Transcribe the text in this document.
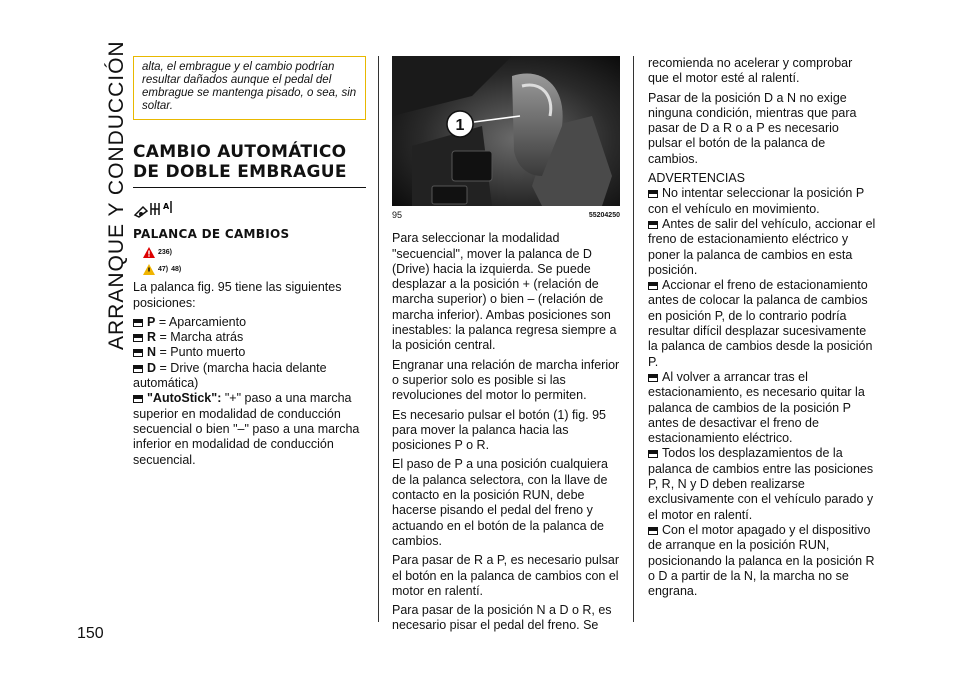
ARRANQUE Y CONDUCCIÓN
150
alta, el embrague y el cambio podrían resultar dañados aunque el pedal del embrague se mantenga pisado, o sea, sin soltar.
CAMBIO AUTOMÁTICO DE DOBLE EMBRAGUE
A
PALANCA DE CAMBIOS
236)
47) 48)

La palanca fig. 95 tiene las siguientes posiciones:

P = Aparcamiento
R = Marcha atrás
N = Punto muerto
D = Drive (marcha hacia delante automática)
"AutoStick": "+" paso a una marcha superior en modalidad de conducción secuencial o bien "–" paso a una marcha inferior en modalidad de conducción secuencial.
1
95	55204250

Para seleccionar la modalidad "secuencial", mover la palanca de D (Drive) hacia la izquierda. Se puede desplazar a la posición + (relación de marcha superior) o bien – (relación de marcha inferior). Ambas posiciones son inestables: la palanca regresa siempre a la posición central.

Engranar una relación de marcha inferior o superior solo es posible si las revoluciones del motor lo permiten.

Es necesario pulsar el botón (1) fig. 95 para mover la palanca hacia las posiciones P o R.

El paso de P a una posición cualquiera de la palanca selectora, con la llave de contacto en la posición RUN, debe hacerse pisando el pedal del freno y actuando en el botón de la palanca de cambios.

Para pasar de R a P, es necesario pulsar el botón en la palanca de cambios con el motor en ralentí.

Para pasar de la posición N a D o R, es necesario pisar el pedal del freno. Se

recomienda no acelerar y comprobar que el motor esté al ralentí.

Pasar de la posición D a N no exige ninguna condición, mientras que para pasar de D a R o a P es necesario pulsar el botón de la palanca de cambios.

ADVERTENCIAS
No intentar seleccionar la posición P con el vehículo en movimiento.
Antes de salir del vehículo, accionar el freno de estacionamiento eléctrico y poner la palanca de cambios en esta posición.
Accionar el freno de estacionamiento antes de colocar la palanca de cambios en posición P, de lo contrario podría resultar difícil desplazar sucesivamente la palanca de cambios desde la posición P.
Al volver a arrancar tras el estacionamiento, es necesario quitar la palanca de cambios de la posición P antes de desactivar el freno de estacionamiento eléctrico.
Todos los desplazamientos de la palanca de cambios entre las posiciones P, R, N y D deben realizarse exclusivamente con el vehículo parado y el motor en ralentí.
Con el motor apagado y el dispositivo de arranque en la posición RUN, posicionando la palanca en la posición R o D a partir de la N, la marcha no se engrana.
